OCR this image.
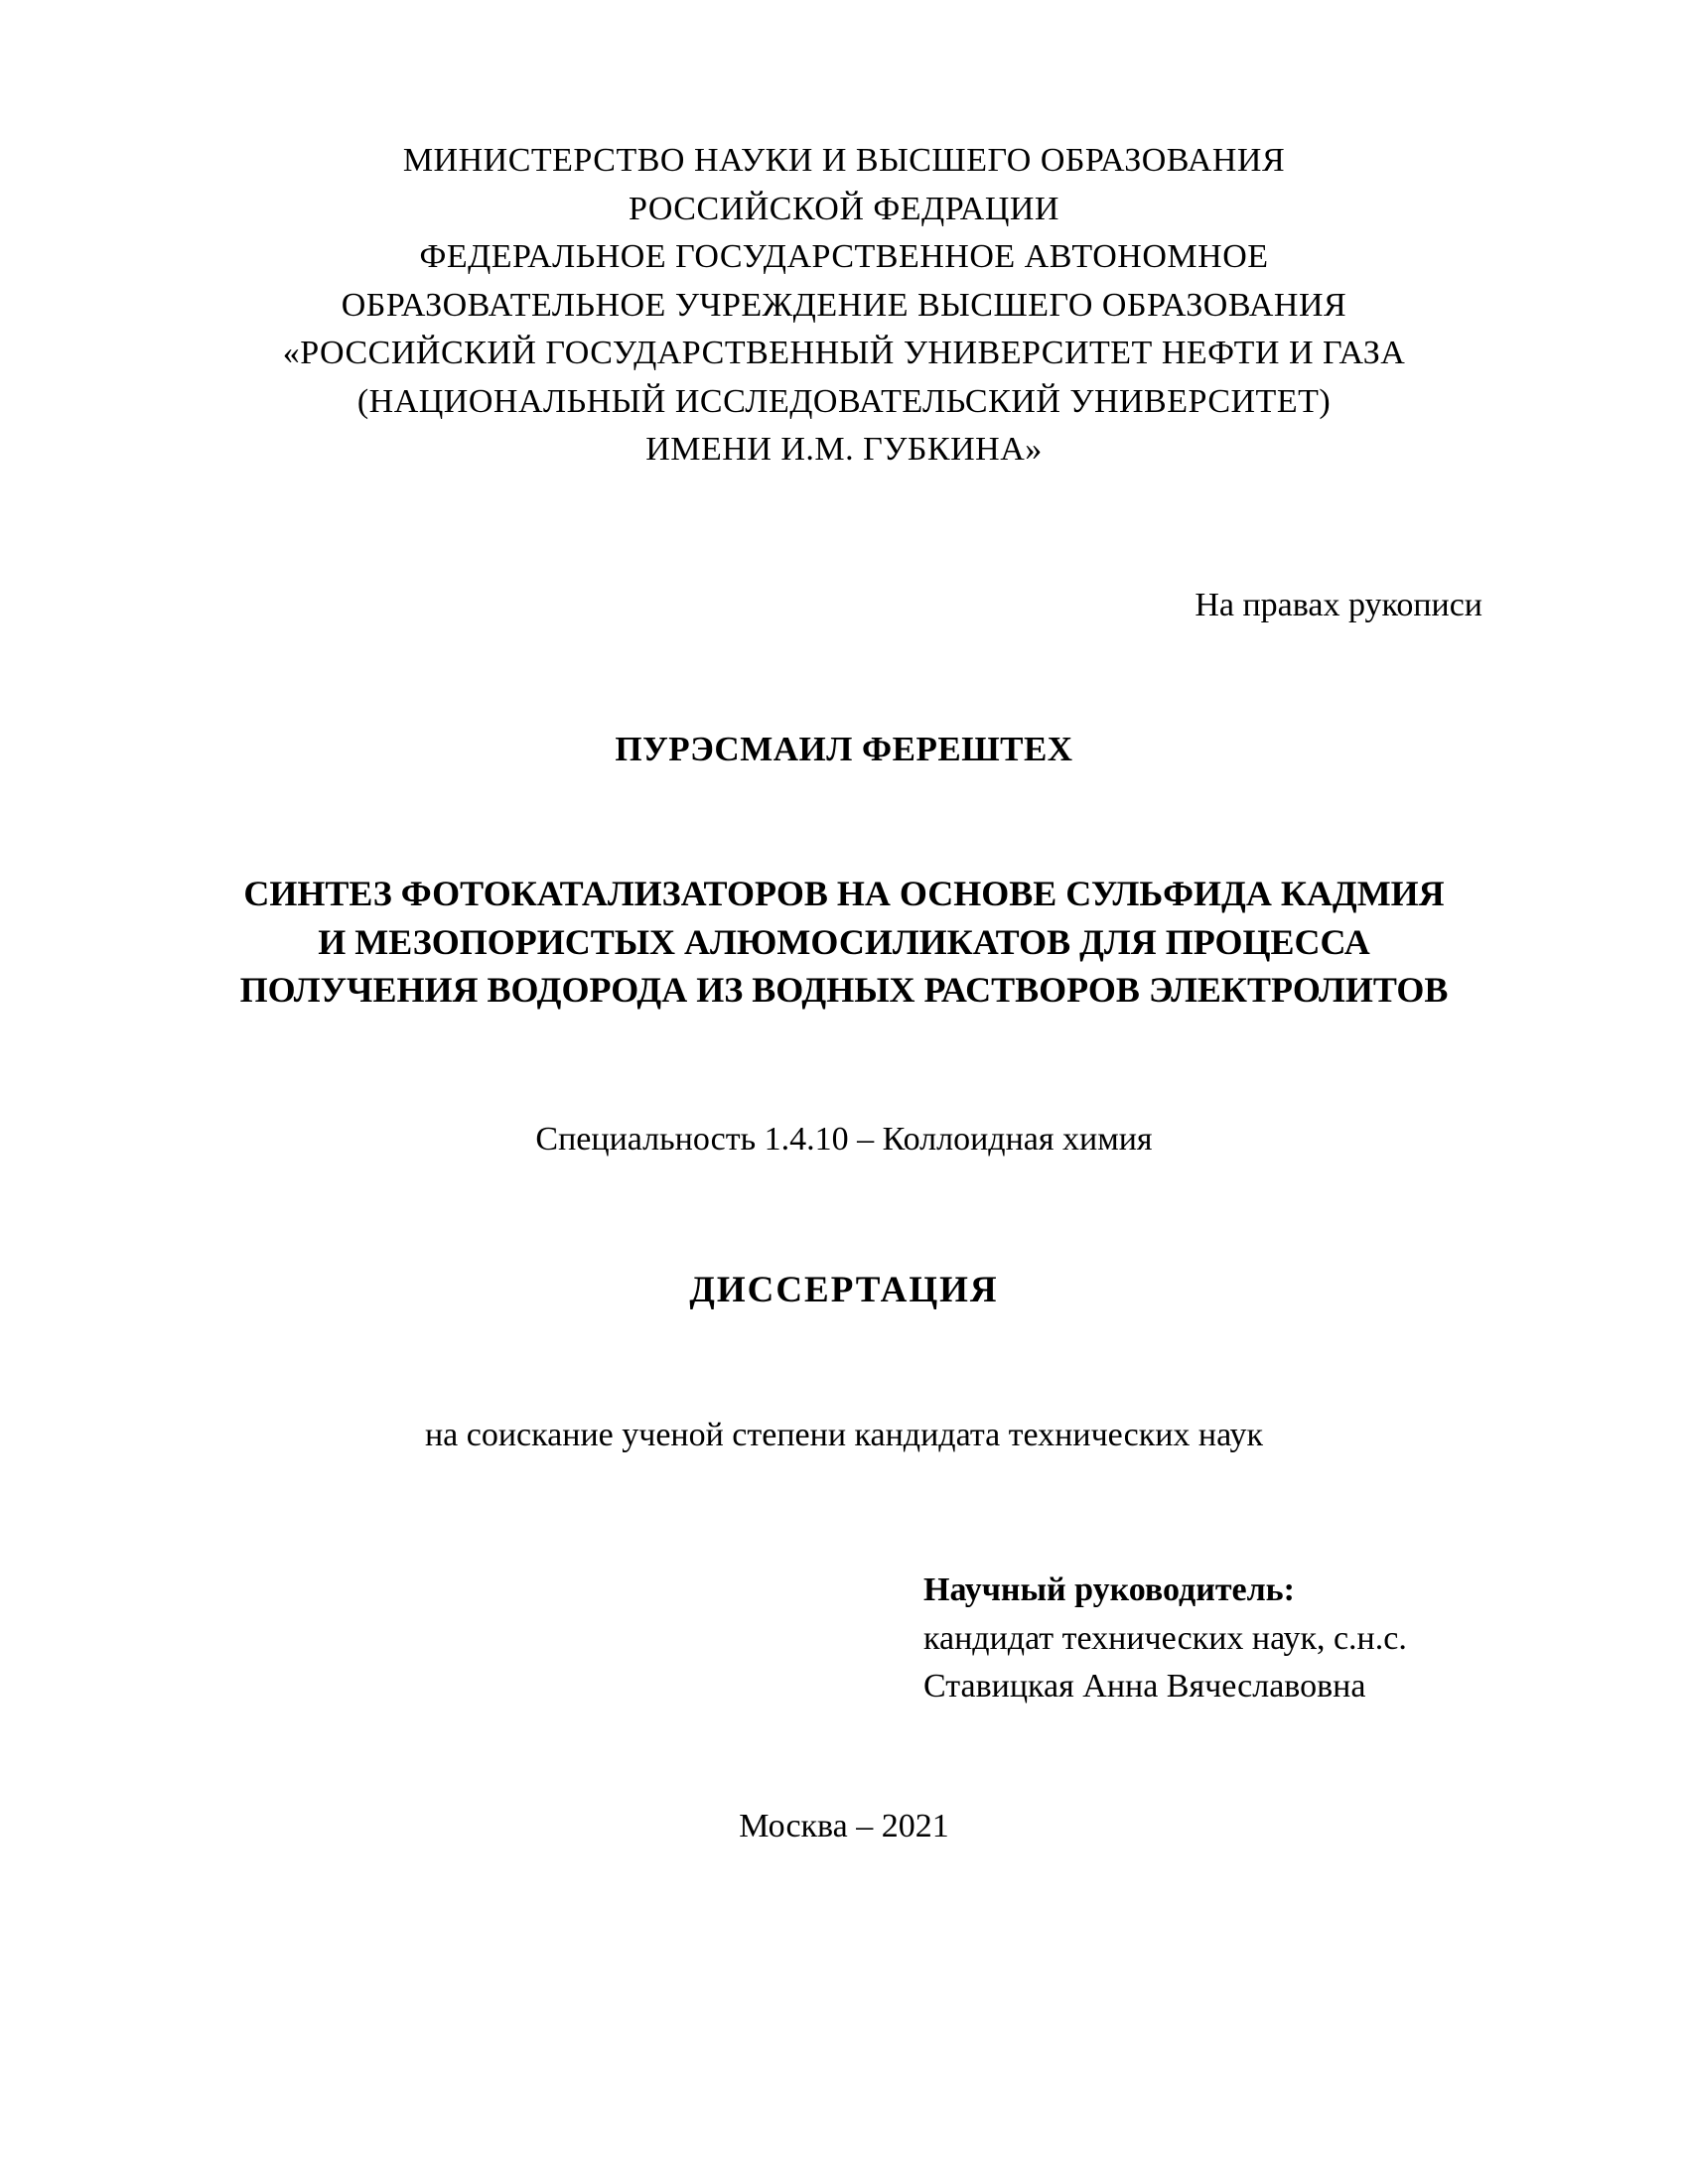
МИНИСТЕРСТВО НАУКИ И ВЫСШЕГО ОБРАЗОВАНИЯ
РОССИЙСКОЙ ФЕДРАЦИИ
ФЕДЕРАЛЬНОЕ ГОСУДАРСТВЕННОЕ АВТОНОМНОЕ
ОБРАЗОВАТЕЛЬНОЕ УЧРЕЖДЕНИЕ ВЫСШЕГО ОБРАЗОВАНИЯ
«РОССИЙСКИЙ ГОСУДАРСТВЕННЫЙ УНИВЕРСИТЕТ НЕФТИ И ГАЗА
(НАЦИОНАЛЬНЫЙ ИССЛЕДОВАТЕЛЬСКИЙ УНИВЕРСИТЕТ)
ИМЕНИ И.М. ГУБКИНА»
На правах рукописи
ПУРЭСМАИЛ ФЕРЕШТЕХ
СИНТЕЗ ФОТОКАТАЛИЗАТОРОВ НА ОСНОВЕ СУЛЬФИДА КАДМИЯ
И МЕЗОПОРИСТЫХ АЛЮМОСИЛИКАТОВ ДЛЯ ПРОЦЕССА
ПОЛУЧЕНИЯ ВОДОРОДА ИЗ ВОДНЫХ РАСТВОРОВ ЭЛЕКТРОЛИТОВ
Специальность 1.4.10 – Коллоидная химия
ДИССЕРТАЦИЯ
на соискание ученой степени кандидата технических наук
Научный руководитель:
кандидат технических наук, с.н.с.
Ставицкая Анна Вячеславовна
Москва – 2021
